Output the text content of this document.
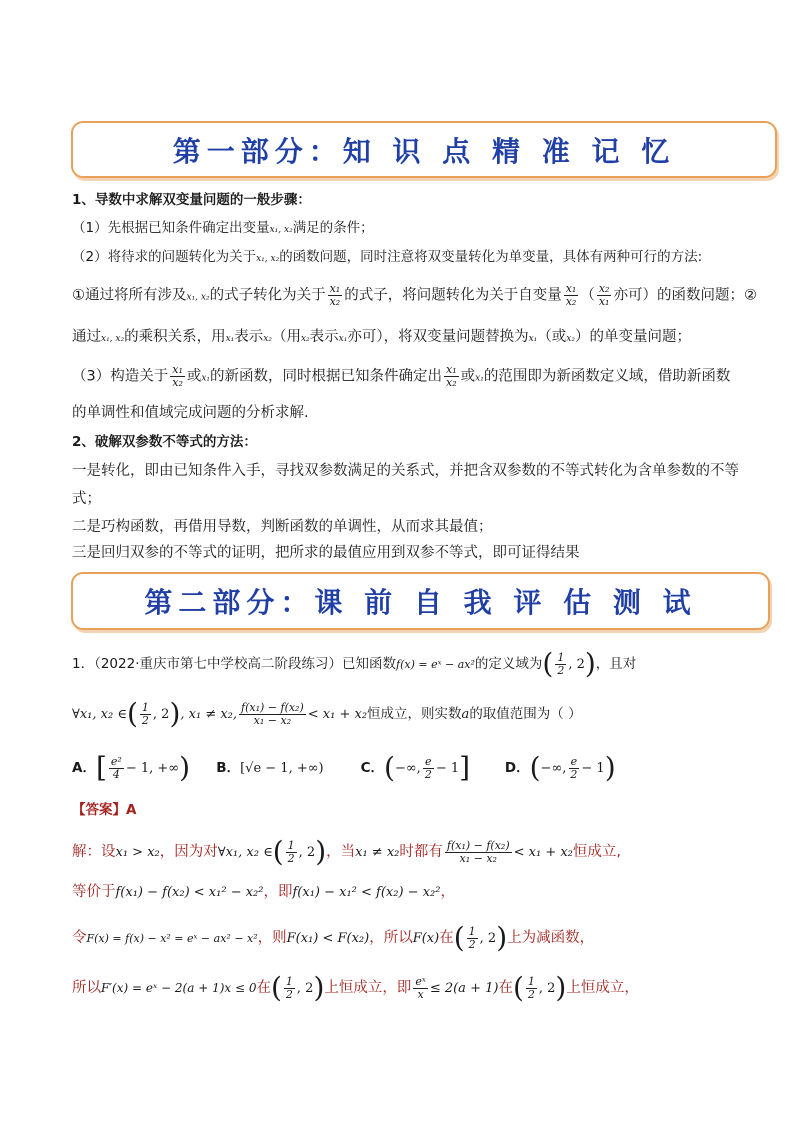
第一部分：知 识 点 精 准 记 忆
1、导数中求解双变量问题的一般步骤：
（1）先根据已知条件确定出变量x₁, x₂满足的条件；
（2）将待求的问题转化为关于x₁, x₂的函数问题，同时注意将双变量转化为单变量，具体有两种可行的方法:
①通过将所有涉及x₁, x₂的式子转化为关于 $\frac{\text{x₁}}{\text{x₂}}$ 的式子，将问题转化为关于自变量 $\frac{\text{x₁}}{\text{x₂}}$ （ $\frac{\text{x₂}}{\text{x₁}}$ 亦可）的函数问题；②
通过x₁, x₂的乘积关系，用x₁表示x₂（用x₂表示x₁亦可），将双变量问题替换为x₁（或x₂）的单变量问题；
（3）构造关于 $\frac{\text{x₁}}{\text{x₂}}$ 或x₁的新函数，同时根据已知条件确定出 $\frac{\text{x₁}}{\text{x₂}}$ 或x₁的范围即为新函数定义域，借助新函数
的单调性和值域完成问题的分析求解.
2、破解双参数不等式的方法：
一是转化，即由已知条件入手，寻找双参数满足的关系式，并把含双参数的不等式转化为含单参数的不等
式；
二是巧构函数，再借用导数，判断函数的单调性，从而求其最值；
三是回归双参的不等式的证明，把所求的最值应用到双参不等式，即可证得结果
第二部分：课 前 自 我 评 估 测 试
1．（2022·重庆市第七中学校高二阶段练习）已知函数f(x) = eˣ − ax²的定义域为( $\frac{1}{2}$ , 2)，且对
∀x₁, x₂ ∈( $\frac{1}{2}$ , 2), x₁ ≠ x₂, $\frac{\text{f(x₁) − f(x₂)}}{\text{x₁ − x₂}} < x_1 + x_2$恒成立，则实数a的取值范围为（ ）
A．[ $\frac{\text{e²}}{4} - 1$, +∞) B．[√e − 1, +∞)	C．(−∞, $\frac{e}{2} - 1$]	D．(−∞, $\frac{e}{2} - 1$)
【答案】A
解：设x₁ > x₂，因为对∀x₁, x₂ ∈( $\frac{1}{2}$ , 2)，当x₁ ≠ x₂时都有 $\frac{\text{f(x₁) − f(x₂)}}{\text{x₁ − x₂}} < x_1 + x_2$恒成立,
等价于f(x₁) − f(x₂) < x₁² − x₂²，即f(x₁) − x₁² < f(x₂) − x₂²，
令F(x) = f(x) − x² = eˣ − ax² − x²，则F(x₁) < F(x₂)，所以F(x)在( $\frac{1}{2}$ , 2)上为减函数，
所以F′(x) = eˣ − 2(a + 1)x ≤ 0在( $\frac{1}{2}$ , 2)上恒成立，即 $\frac{\text{eˣ}}{x} \le 2(a + 1)$在( $\frac{1}{2}$ , 2)上恒成立，
